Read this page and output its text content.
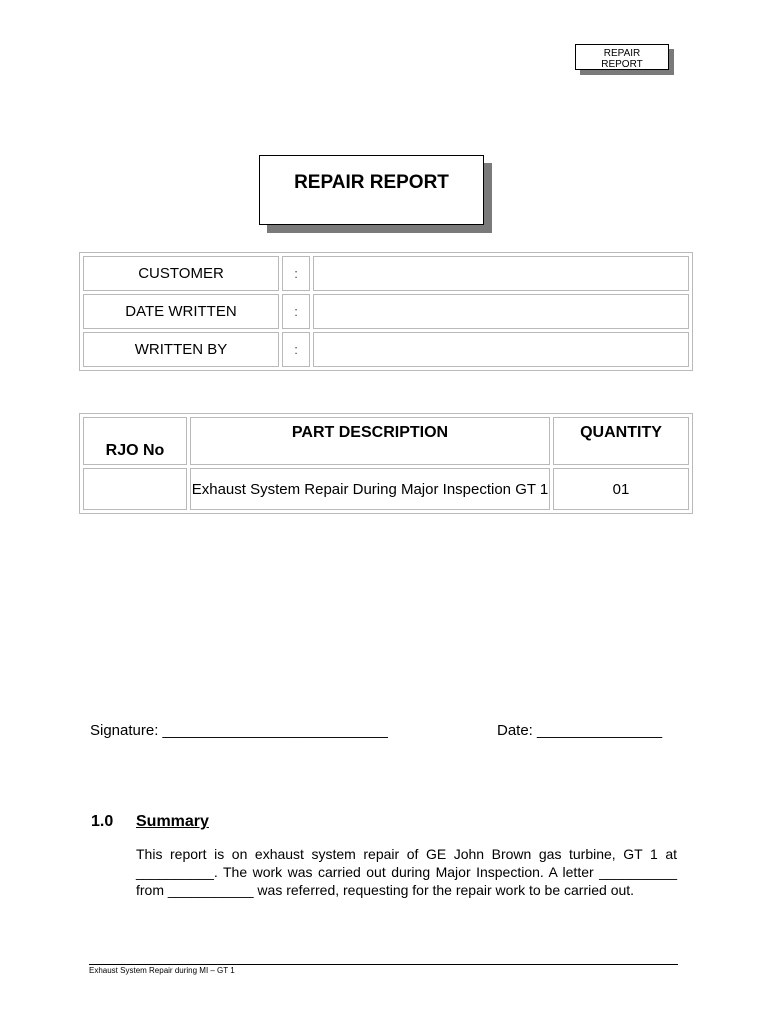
REPAIR
REPORT
REPAIR REPORT
CUSTOMER	:	
DATE WRITTEN	:	
WRITTEN BY	:	
RJO No	PART DESCRIPTION	QUANTITY
	Exhaust System Repair During Major Inspection GT 1	01
Signature: ___________________________	Date: _______________
1.0 Summary
This report is on exhaust system repair of GE John Brown gas turbine, GT 1 at __________. The work was carried out during Major Inspection. A letter __________ from ___________ was referred, requesting for the repair work to be carried out.
Exhaust System Repair during MI – GT 1
